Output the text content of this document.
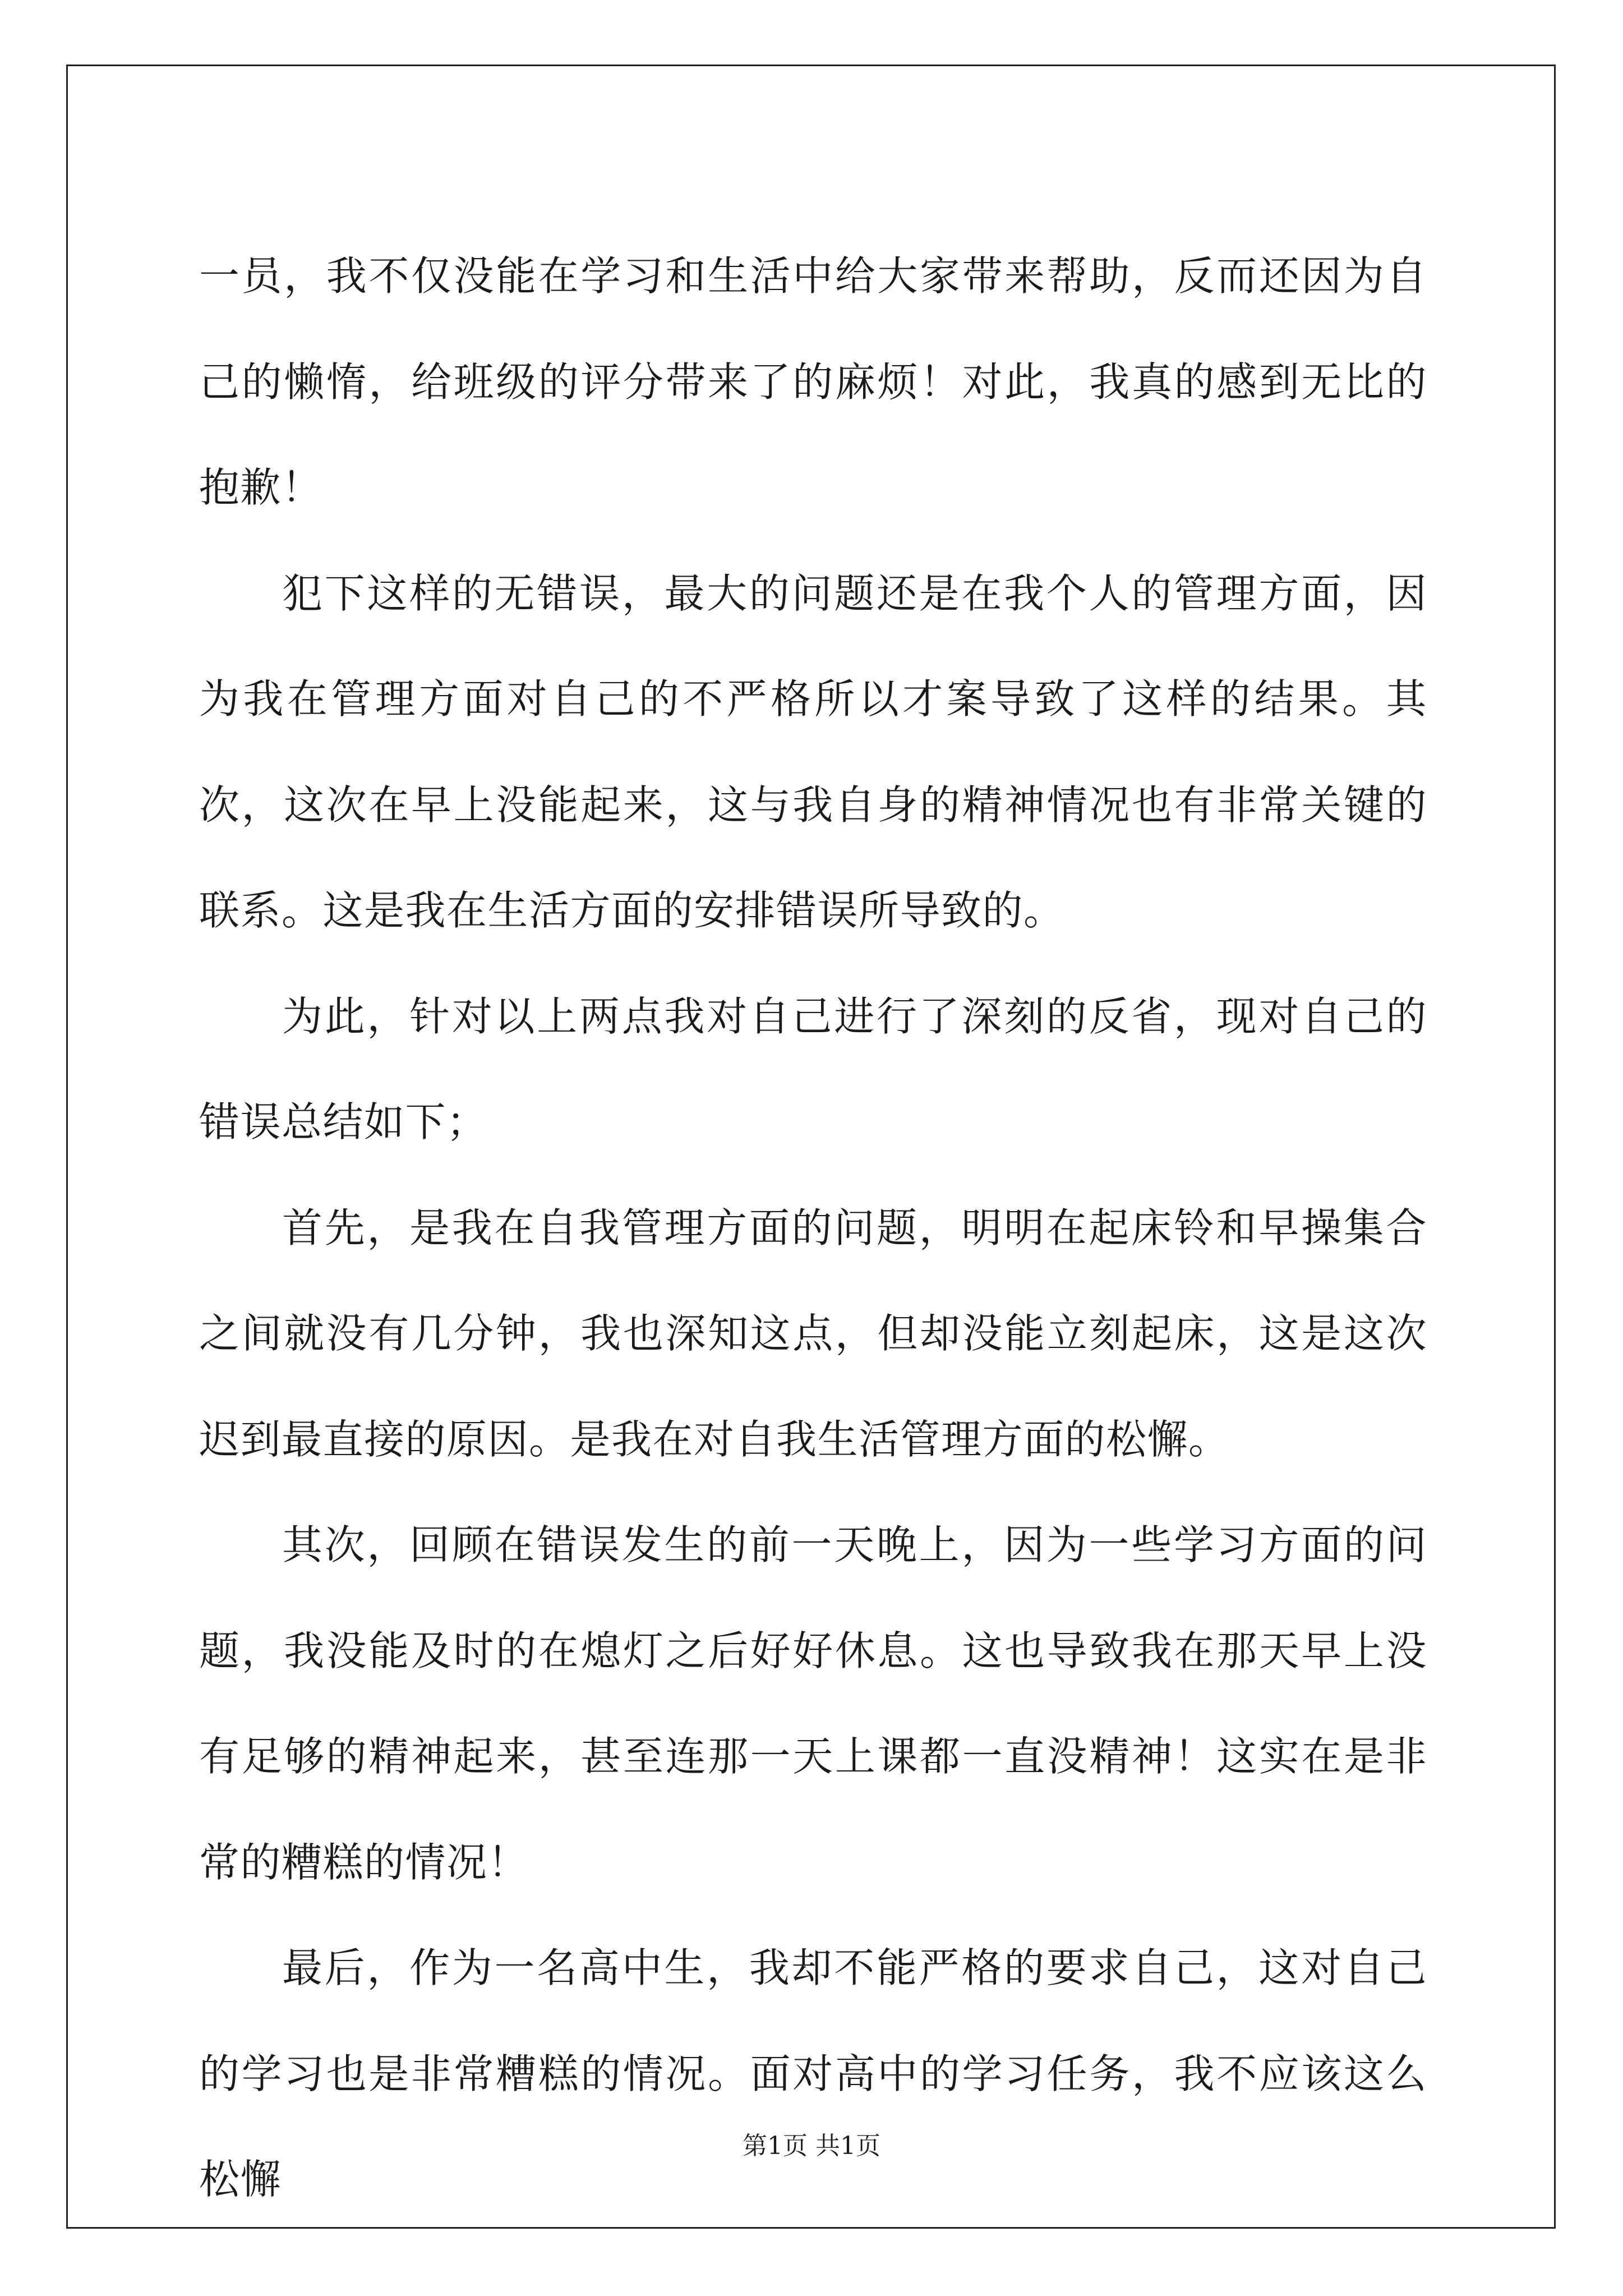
一员，我不仅没能在学习和生活中给大家带来帮助，反而还因为自己的懒惰，给班级的评分带来了的麻烦！对此，我真的感到无比的抱歉！

犯下这样的无错误，最大的问题还是在我个人的管理方面，因为我在管理方面对自己的不严格所以才案导致了这样的结果。其次，这次在早上没能起来，这与我自身的精神情况也有非常关键的联系。这是我在生活方面的安排错误所导致的。

为此，针对以上两点我对自己进行了深刻的反省，现对自己的错误总结如下；

首先，是我在自我管理方面的问题，明明在起床铃和早操集合之间就没有几分钟，我也深知这点，但却没能立刻起床，这是这次迟到最直接的原因。是我在对自我生活管理方面的松懈。

其次，回顾在错误发生的前一天晚上，因为一些学习方面的问题，我没能及时的在熄灯之后好好休息。这也导致我在那天早上没有足够的精神起来，甚至连那一天上课都一直没精神！这实在是非常的糟糕的情况！

最后，作为一名高中生，我却不能严格的要求自己，这对自己的学习也是非常糟糕的情况。面对高中的学习任务，我不应该这么松懈

第1页 共1页
